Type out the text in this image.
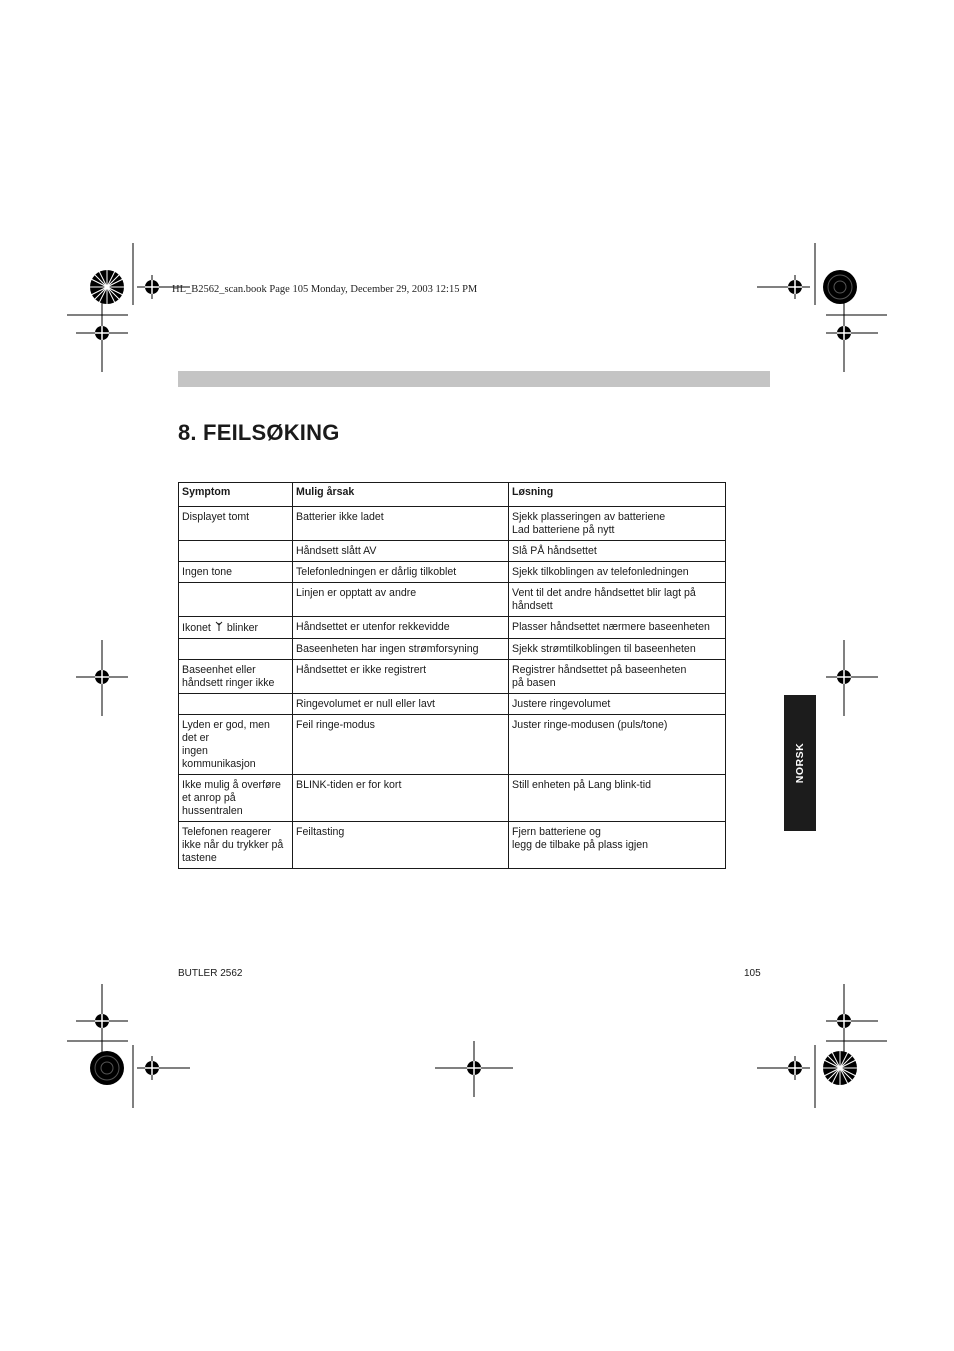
HL_B2562_scan.book Page 105 Monday, December 29, 2003 12:15 PM
8. FEILSØKING
Symptom	Mulig årsak	Løsning
Displayet tomt	Batterier ikke ladet	Sjekk plasseringen av batteriene
Lad batteriene på nytt
	Håndsett slått AV	Slå PÅ håndsettet
Ingen tone	Telefonledningen er dårlig tilkoblet	Sjekk tilkoblingen av telefonledningen
	Linjen er opptatt av andre	Vent til det andre håndsettet blir lagt på håndsett
Ikonet blinker	Håndsettet er utenfor rekkevidde	Plasser håndsettet nærmere baseenheten
	Baseenheten har ingen strømforsyning	Sjekk strømtilkoblingen til baseenheten
Baseenhet eller håndsett ringer ikke	Håndsettet er ikke registrert	Registrer håndsettet på baseenheten
på basen
	Ringevolumet er null eller lavt	Justere ringevolumet
Lyden er god, men
det er
ingen
kommunikasjon	Feil ringe-modus	Juster ringe-modusen (puls/tone)
Ikke mulig å overføre et anrop på hussentralen	BLINK-tiden er for kort	Still enheten på Lang blink-tid
Telefonen reagerer ikke når du trykker på tastene	Feiltasting	Fjern batteriene og
legg de tilbake på plass igjen
NORSK
BUTLER 2562	105
